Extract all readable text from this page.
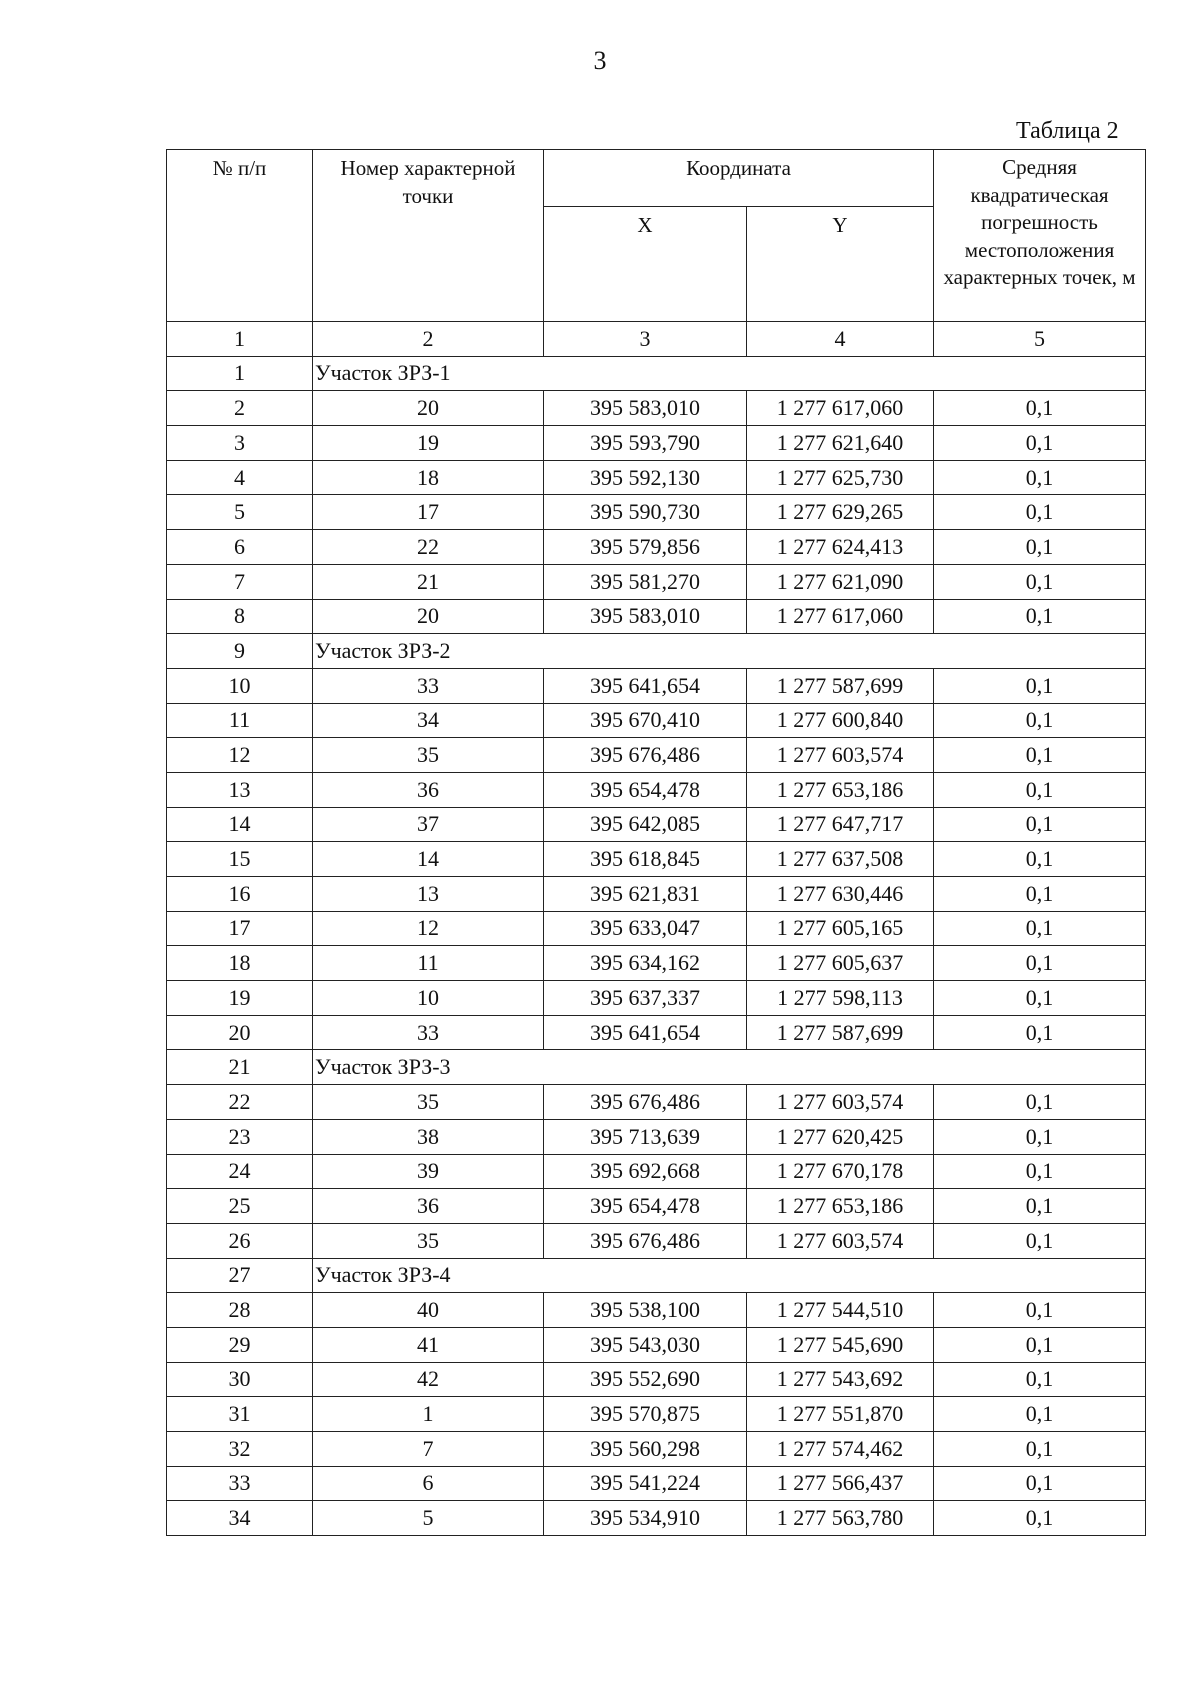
3
Таблица 2
№ п/п	Номер характерной точки	Координата		Средняя квадратическая погрешность местоположения характерных точек, м
		X	Y	
1	2	3	4	5
1	Участок ЗРЗ-1			
2	20	395 583,010	1 277 617,060	0,1
3	19	395 593,790	1 277 621,640	0,1
4	18	395 592,130	1 277 625,730	0,1
5	17	395 590,730	1 277 629,265	0,1
6	22	395 579,856	1 277 624,413	0,1
7	21	395 581,270	1 277 621,090	0,1
8	20	395 583,010	1 277 617,060	0,1
9	Участок ЗРЗ-2			
10	33	395 641,654	1 277 587,699	0,1
11	34	395 670,410	1 277 600,840	0,1
12	35	395 676,486	1 277 603,574	0,1
13	36	395 654,478	1 277 653,186	0,1
14	37	395 642,085	1 277 647,717	0,1
15	14	395 618,845	1 277 637,508	0,1
16	13	395 621,831	1 277 630,446	0,1
17	12	395 633,047	1 277 605,165	0,1
18	11	395 634,162	1 277 605,637	0,1
19	10	395 637,337	1 277 598,113	0,1
20	33	395 641,654	1 277 587,699	0,1
21	Участок ЗРЗ-3			
22	35	395 676,486	1 277 603,574	0,1
23	38	395 713,639	1 277 620,425	0,1
24	39	395 692,668	1 277 670,178	0,1
25	36	395 654,478	1 277 653,186	0,1
26	35	395 676,486	1 277 603,574	0,1
27	Участок ЗРЗ-4			
28	40	395 538,100	1 277 544,510	0,1
29	41	395 543,030	1 277 545,690	0,1
30	42	395 552,690	1 277 543,692	0,1
31	1	395 570,875	1 277 551,870	0,1
32	7	395 560,298	1 277 574,462	0,1
33	6	395 541,224	1 277 566,437	0,1
34	5	395 534,910	1 277 563,780	0,1
